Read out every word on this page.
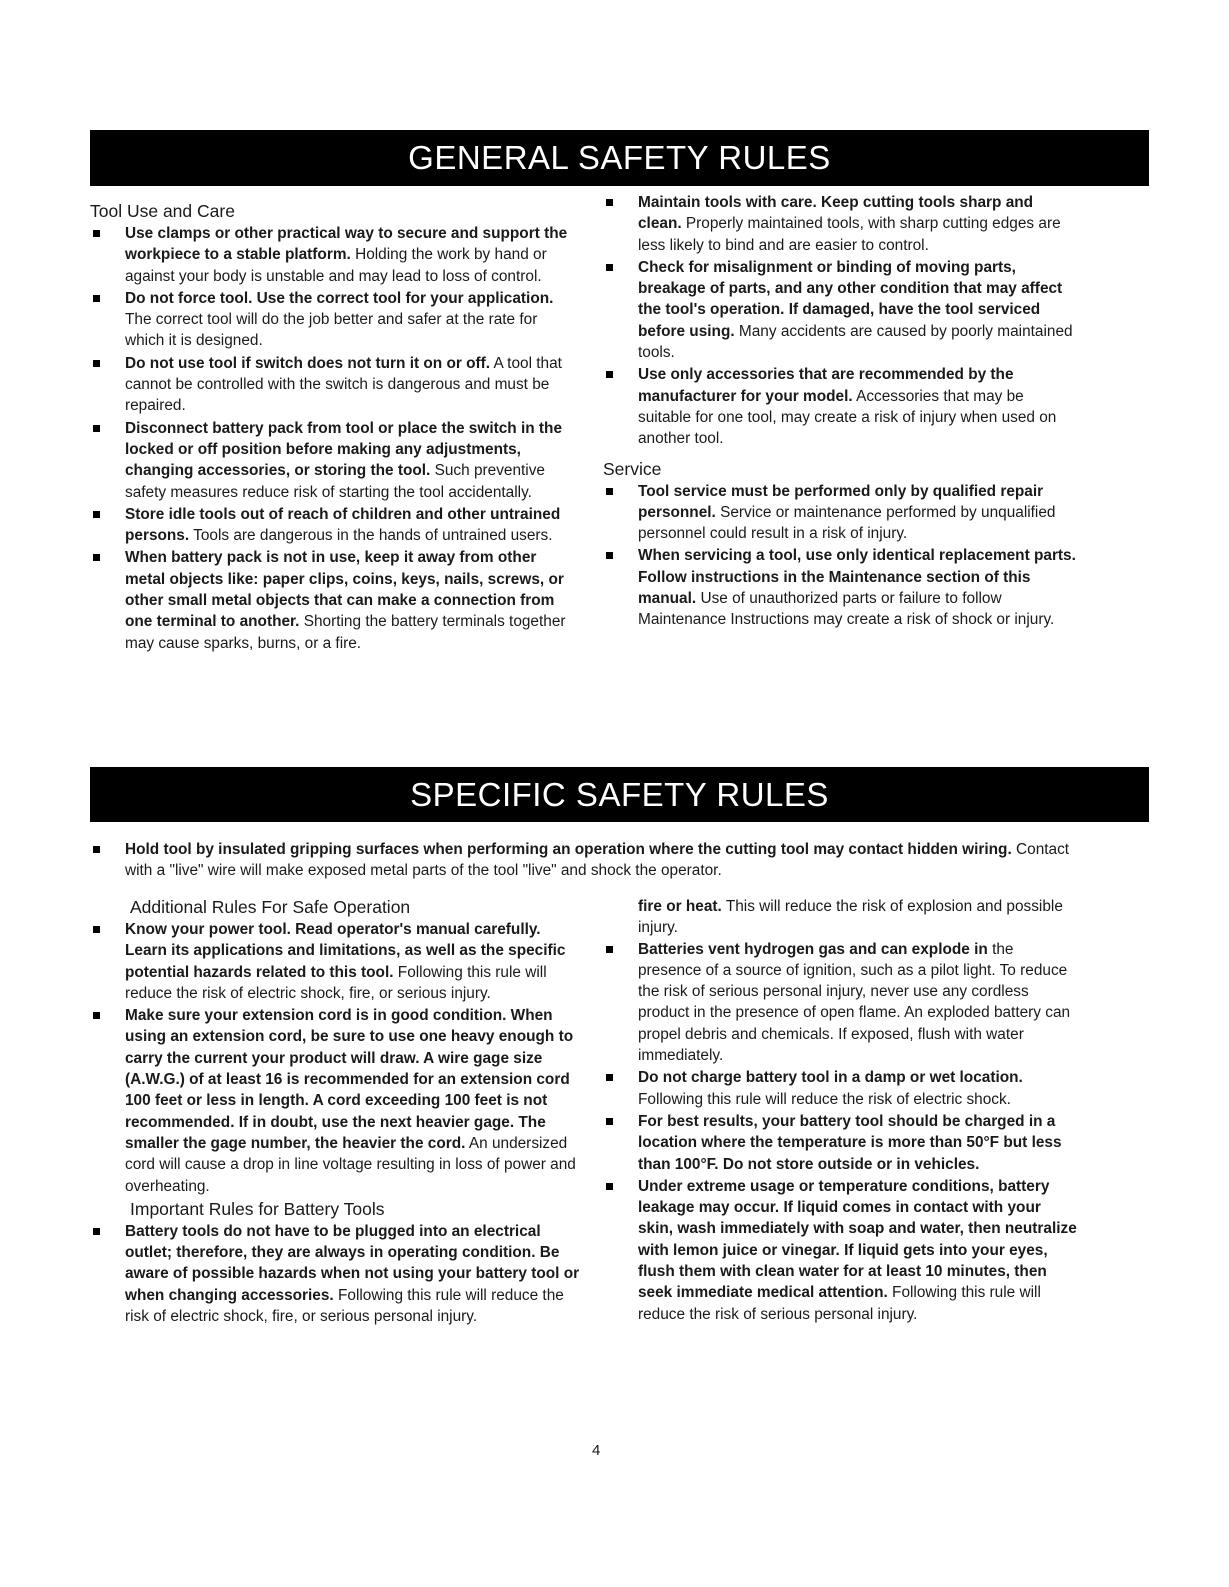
GENERAL SAFETY RULES
Tool Use and Care
Use clamps or other practical way to secure and support the workpiece to a stable platform. Holding the work by hand or against your body is unstable and may lead to loss of control.
Do not force tool. Use the correct tool for your application. The correct tool will do the job better and safer at the rate for which it is designed.
Do not use tool if switch does not turn it on or off. A tool that cannot be controlled with the switch is dangerous and must be repaired.
Disconnect battery pack from tool or place the switch in the locked or off position before making any adjustments, changing accessories, or storing the tool. Such preventive safety measures reduce risk of starting the tool accidentally.
Store idle tools out of reach of children and other untrained persons. Tools are dangerous in the hands of untrained users.
When battery pack is not in use, keep it away from other metal objects like: paper clips, coins, keys, nails, screws, or other small metal objects that can make a connection from one terminal to another. Shorting the battery terminals together may cause sparks, burns, or a fire.
Maintain tools with care. Keep cutting tools sharp and clean. Properly maintained tools, with sharp cutting edges are less likely to bind and are easier to control.
Check for misalignment or binding of moving parts, breakage of parts, and any other condition that may affect the tool's operation. If damaged, have the tool serviced before using. Many accidents are caused by poorly maintained tools.
Use only accessories that are recommended by the manufacturer for your model. Accessories that may be suitable for one tool, may create a risk of injury when used on another tool.
Service
Tool service must be performed only by qualified repair personnel. Service or maintenance performed by unqualified personnel could result in a risk of injury.
When servicing a tool, use only identical replacement parts. Follow instructions in the Maintenance section of this manual. Use of unauthorized parts or failure to follow Maintenance Instructions may create a risk of shock or injury.
SPECIFIC SAFETY RULES
Hold tool by insulated gripping surfaces when performing an operation where the cutting tool may contact hidden wiring. Contact with a "live" wire will make exposed metal parts of the tool "live" and shock the operator.
Additional Rules For Safe Operation
Know your power tool. Read operator's manual carefully. Learn its applications and limitations, as well as the specific potential hazards related to this tool. Following this rule will reduce the risk of electric shock, fire, or serious injury.
Make sure your extension cord is in good condition. When using an extension cord, be sure to use one heavy enough to carry the current your product will draw. A wire gage size (A.W.G.) of at least 16 is recommended for an extension cord 100 feet or less in length. A cord exceeding 100 feet is not recommended. If in doubt, use the next heavier gage. The smaller the gage number, the heavier the cord. An undersized cord will cause a drop in line voltage resulting in loss of power and overheating.
Important Rules for Battery Tools
Battery tools do not have to be plugged into an electrical outlet; therefore, they are always in operating condition. Be aware of possible hazards when not using your battery tool or when changing accessories. Following this rule will reduce the risk of electric shock, fire, or serious personal injury.
fire or heat. This will reduce the risk of explosion and possible injury.
Batteries vent hydrogen gas and can explode in the presence of a source of ignition, such as a pilot light. To reduce the risk of serious personal injury, never use any cordless product in the presence of open flame. An exploded battery can propel debris and chemicals. If exposed, flush with water immediately.
Do not charge battery tool in a damp or wet location. Following this rule will reduce the risk of electric shock.
For best results, your battery tool should be charged in a location where the temperature is more than 50°F but less than 100°F. Do not store outside or in vehicles.
Under extreme usage or temperature conditions, battery leakage may occur. If liquid comes in contact with your skin, wash immediately with soap and water, then neutralize with lemon juice or vinegar. If liquid gets into your eyes, flush them with clean water for at least 10 minutes, then seek immediate medical attention. Following this rule will reduce the risk of serious personal injury.
4
